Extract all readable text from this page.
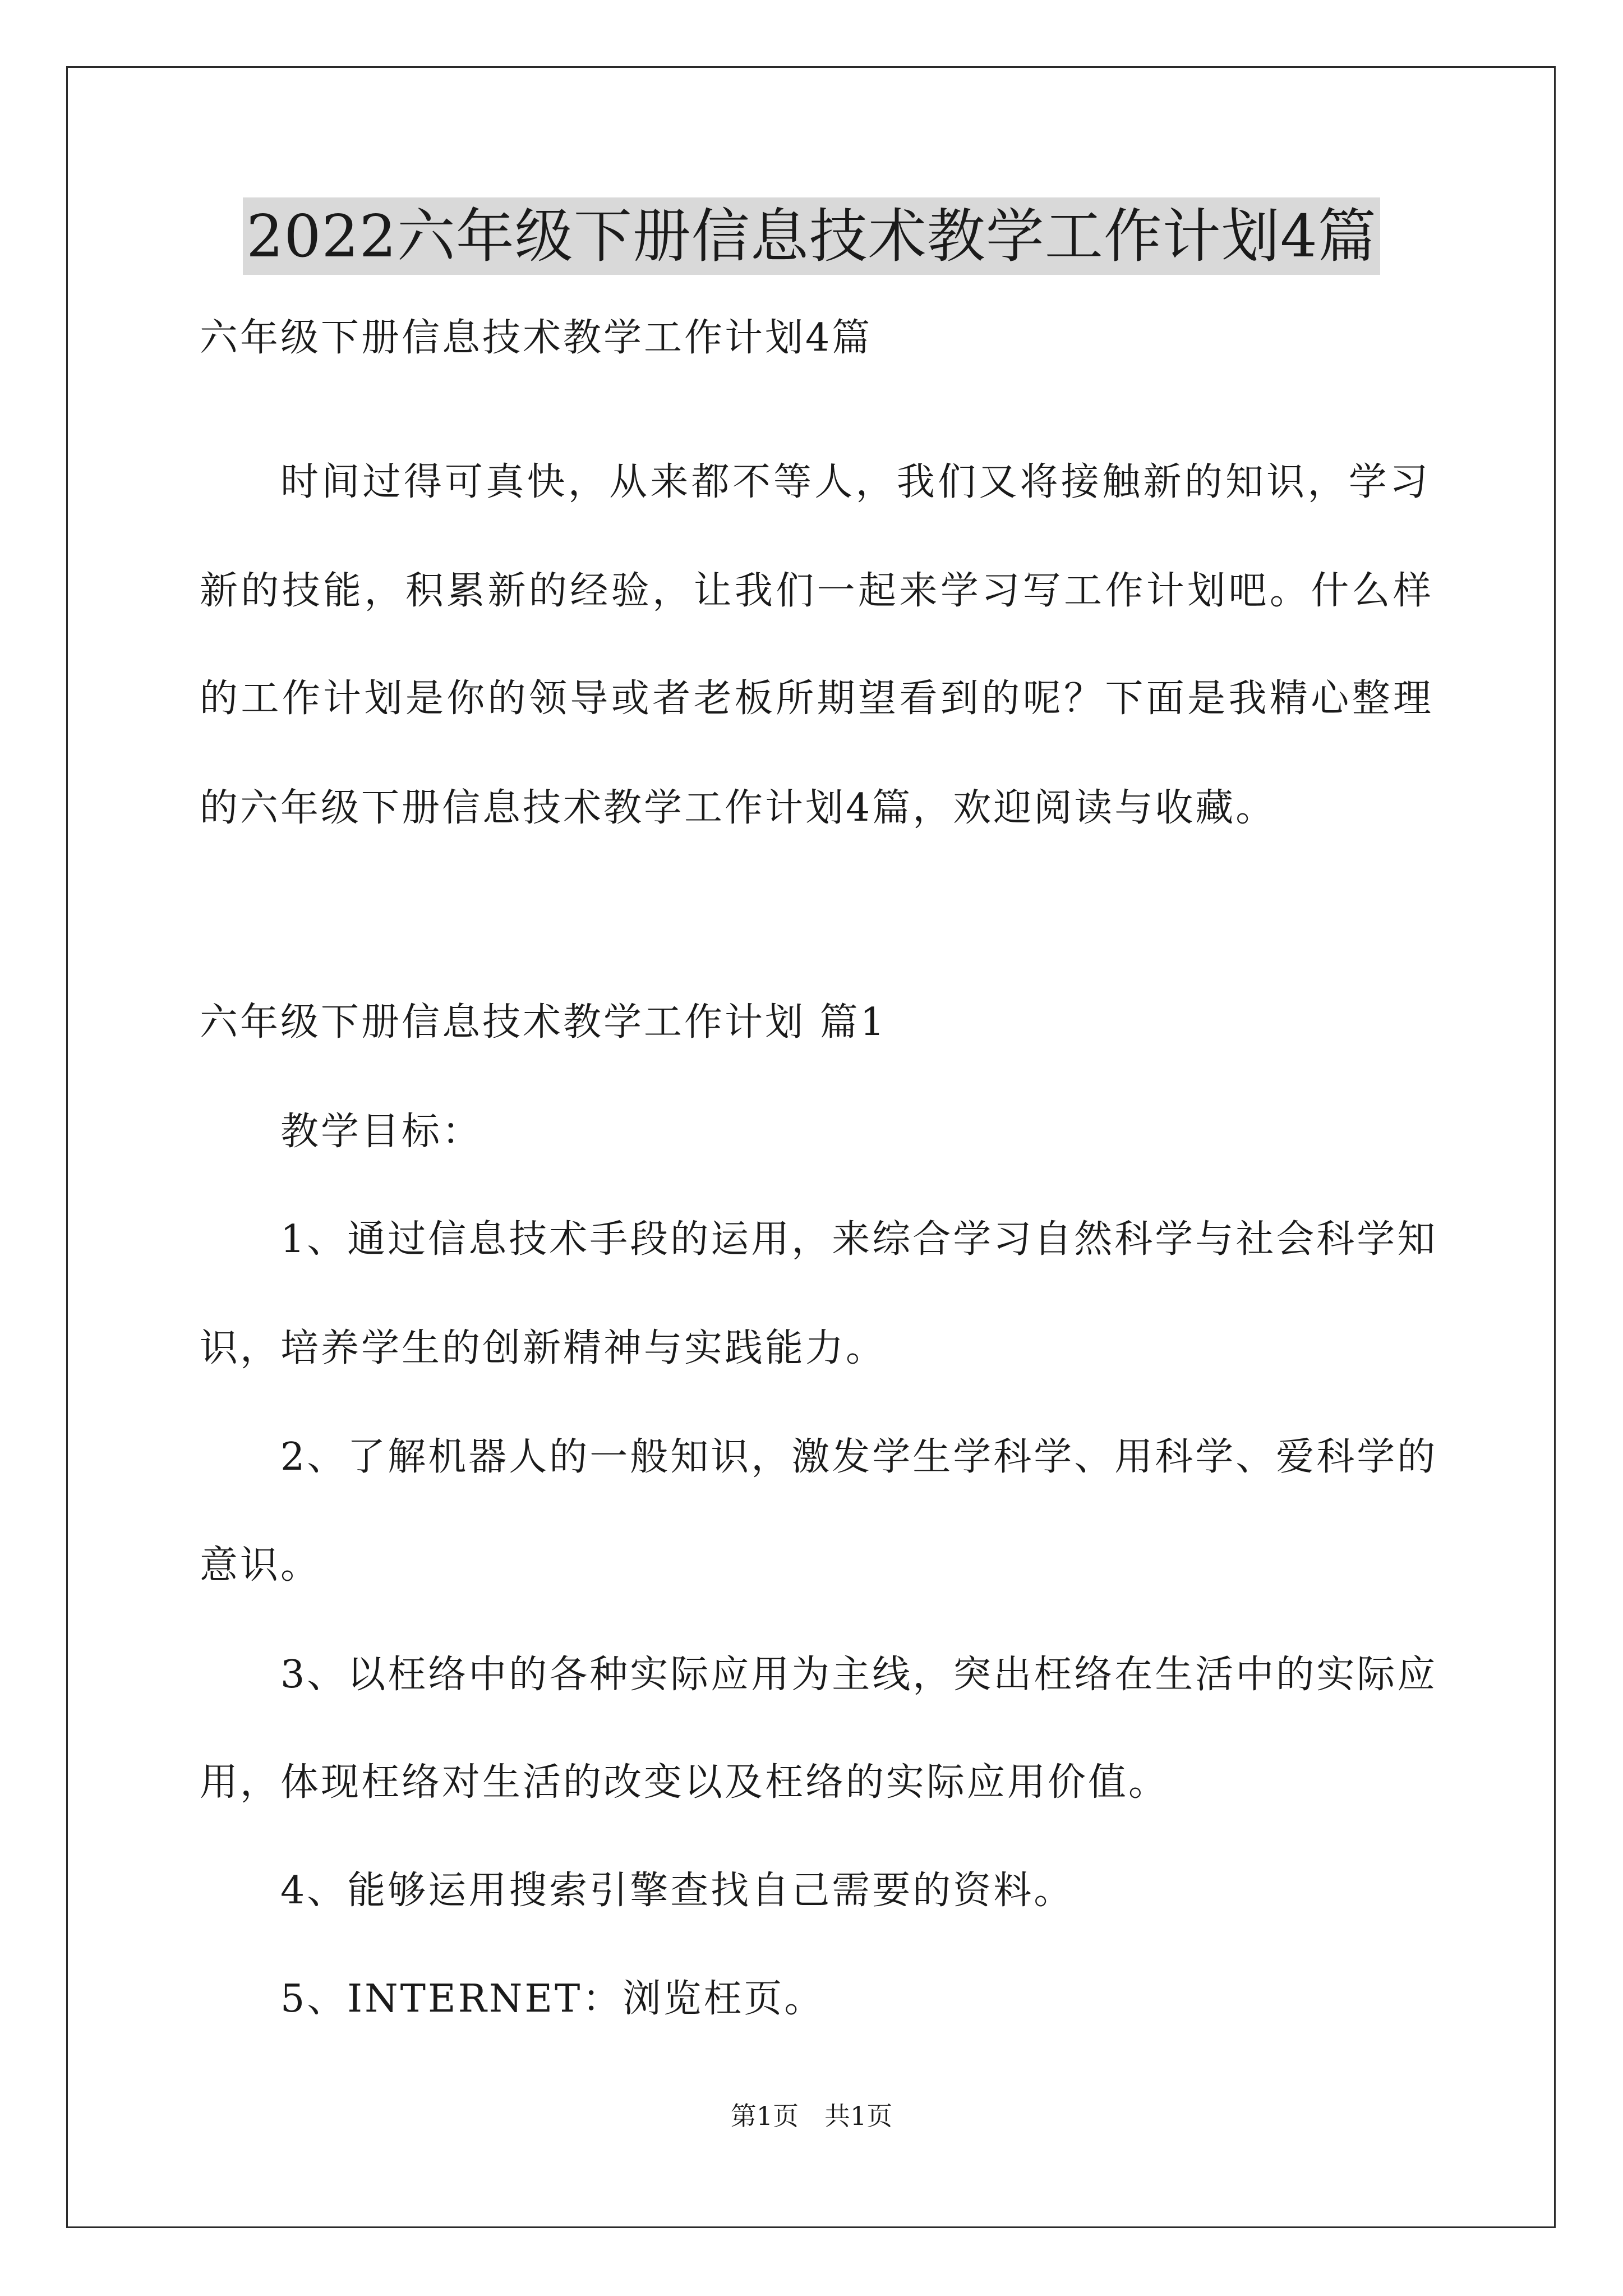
2022六年级下册信息技术教学工作计划4篇
六年级下册信息技术教学工作计划4篇
时间过得可真快，从来都不等人，我们又将接触新的知识，学习
新的技能，积累新的经验，让我们一起来学习写工作计划吧。什么样
的工作计划是你的领导或者老板所期望看到的呢？下面是我精心整理
的六年级下册信息技术教学工作计划4篇，欢迎阅读与收藏。
六年级下册信息技术教学工作计划 篇1
教学目标：
1、通过信息技术手段的运用，来综合学习自然科学与社会科学知
识，培养学生的创新精神与实践能力。
2、了解机器人的一般知识，激发学生学科学、用科学、爱科学的
意识。
3、以枉络中的各种实际应用为主线，突出枉络在生活中的实际应
用，体现枉络对生活的改变以及枉络的实际应用价值。
4、能够运用搜索引擎查找自己需要的资料。
5、INTERNET：浏览枉页。
第1页　共1页
